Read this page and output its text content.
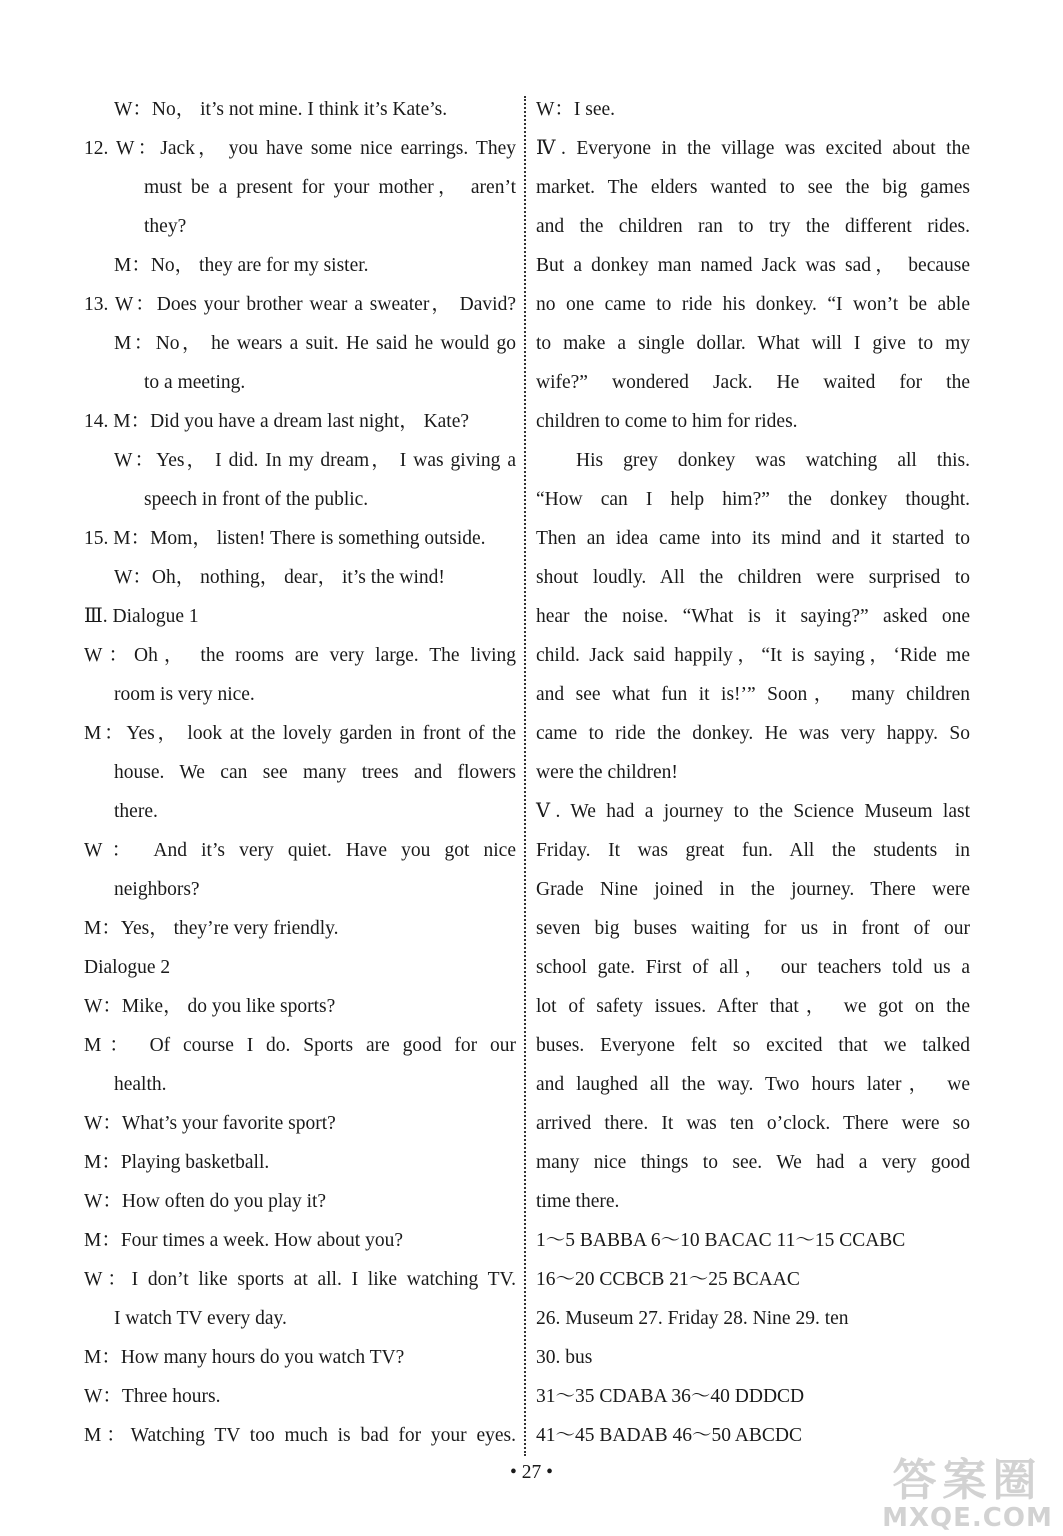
W：No， it’s not mine. I think it’s Kate’s.
12. W：Jack， you have some nice earrings. They
must be a present for your mother， aren’t
they?
M：No， they are for my sister.
13. W：Does your brother wear a sweater， David?
M：No， he wears a suit. He said he would go
to a meeting.
14. M：Did you have a dream last night， Kate?
W：Yes， I did. In my dream， I was giving a
speech in front of the public.
15. M：Mom， listen! There is something outside.
W：Oh， nothing， dear， it’s the wind!
Ⅲ. Dialogue 1
W：Oh， the rooms are very large. The living
room is very nice.
M：Yes， look at the lovely garden in front of the
house. We can see many trees and flowers
there.
W： And it’s very quiet. Have you got nice
neighbors?
M：Yes， they’re very friendly.
Dialogue 2
W：Mike， do you like sports?
M： Of course I do. Sports are good for our
health.
W：What’s your favorite sport?
M：Playing basketball.
W：How often do you play it?
M：Four times a week. How about you?
W：I don’t like sports at all. I like watching TV.
I watch TV every day.
M：How many hours do you watch TV?
W：Three hours.
M：Watching TV too much is bad for your eyes.
W：I see.
Ⅳ. Everyone in the village was excited about the
market. The elders wanted to see the big games
and the children ran to try the different rides.
But a donkey man named Jack was sad， because
no one came to ride his donkey. “I won’t be able
to make a single dollar. What will I give to my
wife?” wondered Jack. He waited for the
children to come to him for rides.
His grey donkey was watching all this.
“How can I help him?” the donkey thought.
Then an idea came into its mind and it started to
shout loudly. All the children were surprised to
hear the noise. “What is it saying?” asked one
child. Jack said happily，“It is saying，‘Ride me
and see what fun it is!’” Soon， many children
came to ride the donkey. He was very happy. So
were the children!
Ⅴ. We had a journey to the Science Museum last
Friday. It was great fun. All the students in
Grade Nine joined in the journey. There were
seven big buses waiting for us in front of our
school gate. First of all， our teachers told us a
lot of safety issues. After that， we got on the
buses. Everyone felt so excited that we talked
and laughed all the way. Two hours later， we
arrived there. It was ten o’clock. There were so
many nice things to see. We had a very good
time there.
1～5 BABBA 6～10 BACAC 11～15 CCABC
16～20 CCBCB 21～25 BCAAC
26. Museum 27. Friday 28. Nine 29. ten
30. bus
31～35 CDABA 36～40 DDDCD
41～45 BADAB 46～50 ABCDC
• 27 •	答案圈
MXQE.COM
